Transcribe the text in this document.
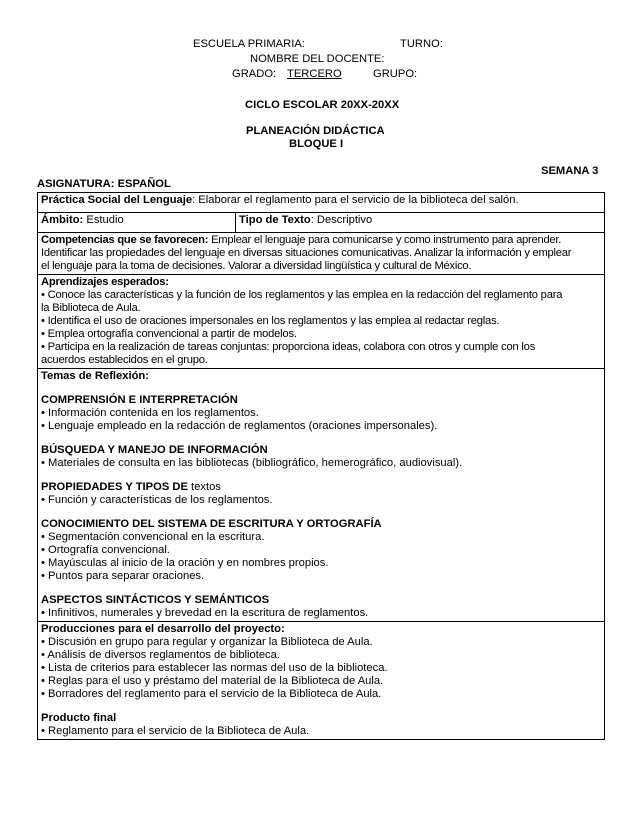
ESCUELA PRIMARIA:	TURNO:
NOMBRE DEL DOCENTE:
GRADO: TERCERO	GRUPO:
CICLO ESCOLAR 20XX-20XX
PLANEACIÓN DIDÁCTICA
BLOQUE I
SEMANA 3
ASIGNATURA: ESPAÑOL
Práctica Social del Lenguaje: Elaborar el reglamento para el servicio de la biblioteca del salón.
Ámbito: Estudio	Tipo de Texto: Descriptivo

Competencias que se favorecen: Emplear el lenguaje para comunicarse y como instrumento para aprender.
Identificar las propiedades del lenguaje en diversas situaciones comunicativas. Analizar la información y emplear
el lenguaje para la toma de decisiones. Valorar a diversidad lingüística y cultural de México.

Aprendizajes esperados:
• Conoce las características y la función de los reglamentos y las emplea en la redacción del reglamento para
la Biblioteca de Aula.
• Identifica el uso de oraciones impersonales en los reglamentos y las emplea al redactar reglas.
• Emplea ortografía convencional a partir de modelos.
• Participa en la realización de tareas conjuntas: proporciona ideas, colabora con otros y cumple con los
acuerdos establecidos en el grupo.

Temas de Reflexión:
COMPRENSIÓN E INTERPRETACIÓN
• Información contenida en los reglamentos.
• Lenguaje empleado en la redacción de reglamentos (oraciones impersonales).
BÚSQUEDA Y MANEJO DE INFORMACIÓN
• Materiales de consulta en las bibliotecas (bibliográfico, hemerográfico, audiovisual).
PROPIEDADES Y TIPOS DE textos
• Función y características de los reglamentos.
CONOCIMIENTO DEL SISTEMA DE ESCRITURA Y ORTOGRAFÍA
• Segmentación convencional en la escritura.
• Ortografía convencional.
• Mayúsculas al inicio de la oración y en nombres propios.
• Puntos para separar oraciones.
ASPECTOS SINTÁCTICOS Y SEMÁNTICOS
• Infinitivos, numerales y brevedad en la escritura de reglamentos.

Producciones para el desarrollo del proyecto:
• Discusión en grupo para regular y organizar la Biblioteca de Aula.
• Análisis de diversos reglamentos de biblioteca.
• Lista de criterios para establecer las normas del uso de la biblioteca.
• Reglas para el uso y préstamo del material de la Biblioteca de Aula.
• Borradores del reglamento para el servicio de la Biblioteca de Aula.
Producto final
• Reglamento para el servicio de la Biblioteca de Aula.
